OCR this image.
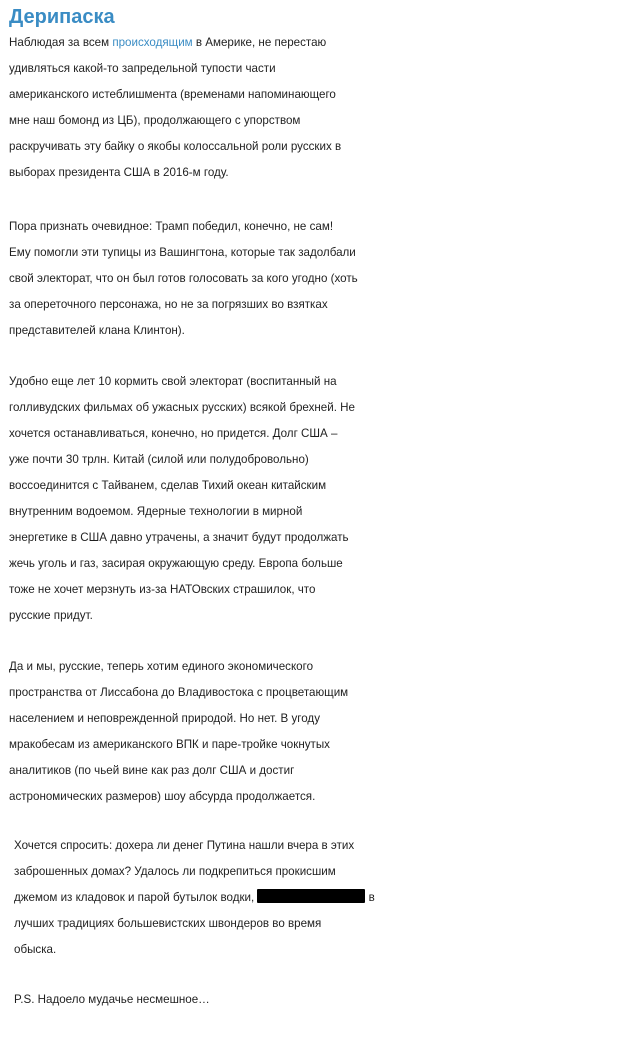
Дерипаска
Наблюдая за всем происходящим в Америке, не перестаю
удивляться какой-то запредельной тупости части
американского истеблишмента (временами напоминающего
мне наш бомонд из ЦБ), продолжающего с упорством
раскручивать эту байку о якобы колоссальной роли русских в
выборах президента США в 2016-м году.
Пора признать очевидное: Трамп победил, конечно, не сам!
Ему помогли эти тупицы из Вашингтона, которые так задолбали
свой электорат, что он был готов голосовать за кого угодно (хоть
за опереточного персонажа, но не за погрязших во взятках
представителей клана Клинтон).
Удобно еще лет 10 кормить свой электорат (воспитанный на
голливудских фильмах об ужасных русских) всякой брехней. Не
хочется останавливаться, конечно, но придется. Долг США –
уже почти 30 трлн. Китай (силой или полудобровольно)
воссоединится с Тайванем, сделав Тихий океан китайским
внутренним водоемом. Ядерные технологии в мирной
энергетике в США давно утрачены, а значит будут продолжать
жечь уголь и газ, засирая окружающую среду. Европа больше
тоже не хочет мерзнуть из-за НАТОвских страшилок, что
русские придут.
Да и мы, русские, теперь хотим единого экономического
пространства от Лиссабона до Владивостока с процветающим
населением и неповрежденной природой. Но нет. В угоду
мракобесам из американского ВПК и паре-тройке чокнутых
аналитиков (по чьей вине как раз долг США и достиг
астрономических размеров) шоу абсурда продолжается.
Хочется спросить: дохера ли денег Путина нашли вчера в этих
заброшенных домах? Удалось ли подкрепиться прокисшим
джемом из кладовок и парой бутылок водки,	в
лучших традициях большевистских швондеров во время
обыска.
P.S. Надоело мудачье несмешное…
